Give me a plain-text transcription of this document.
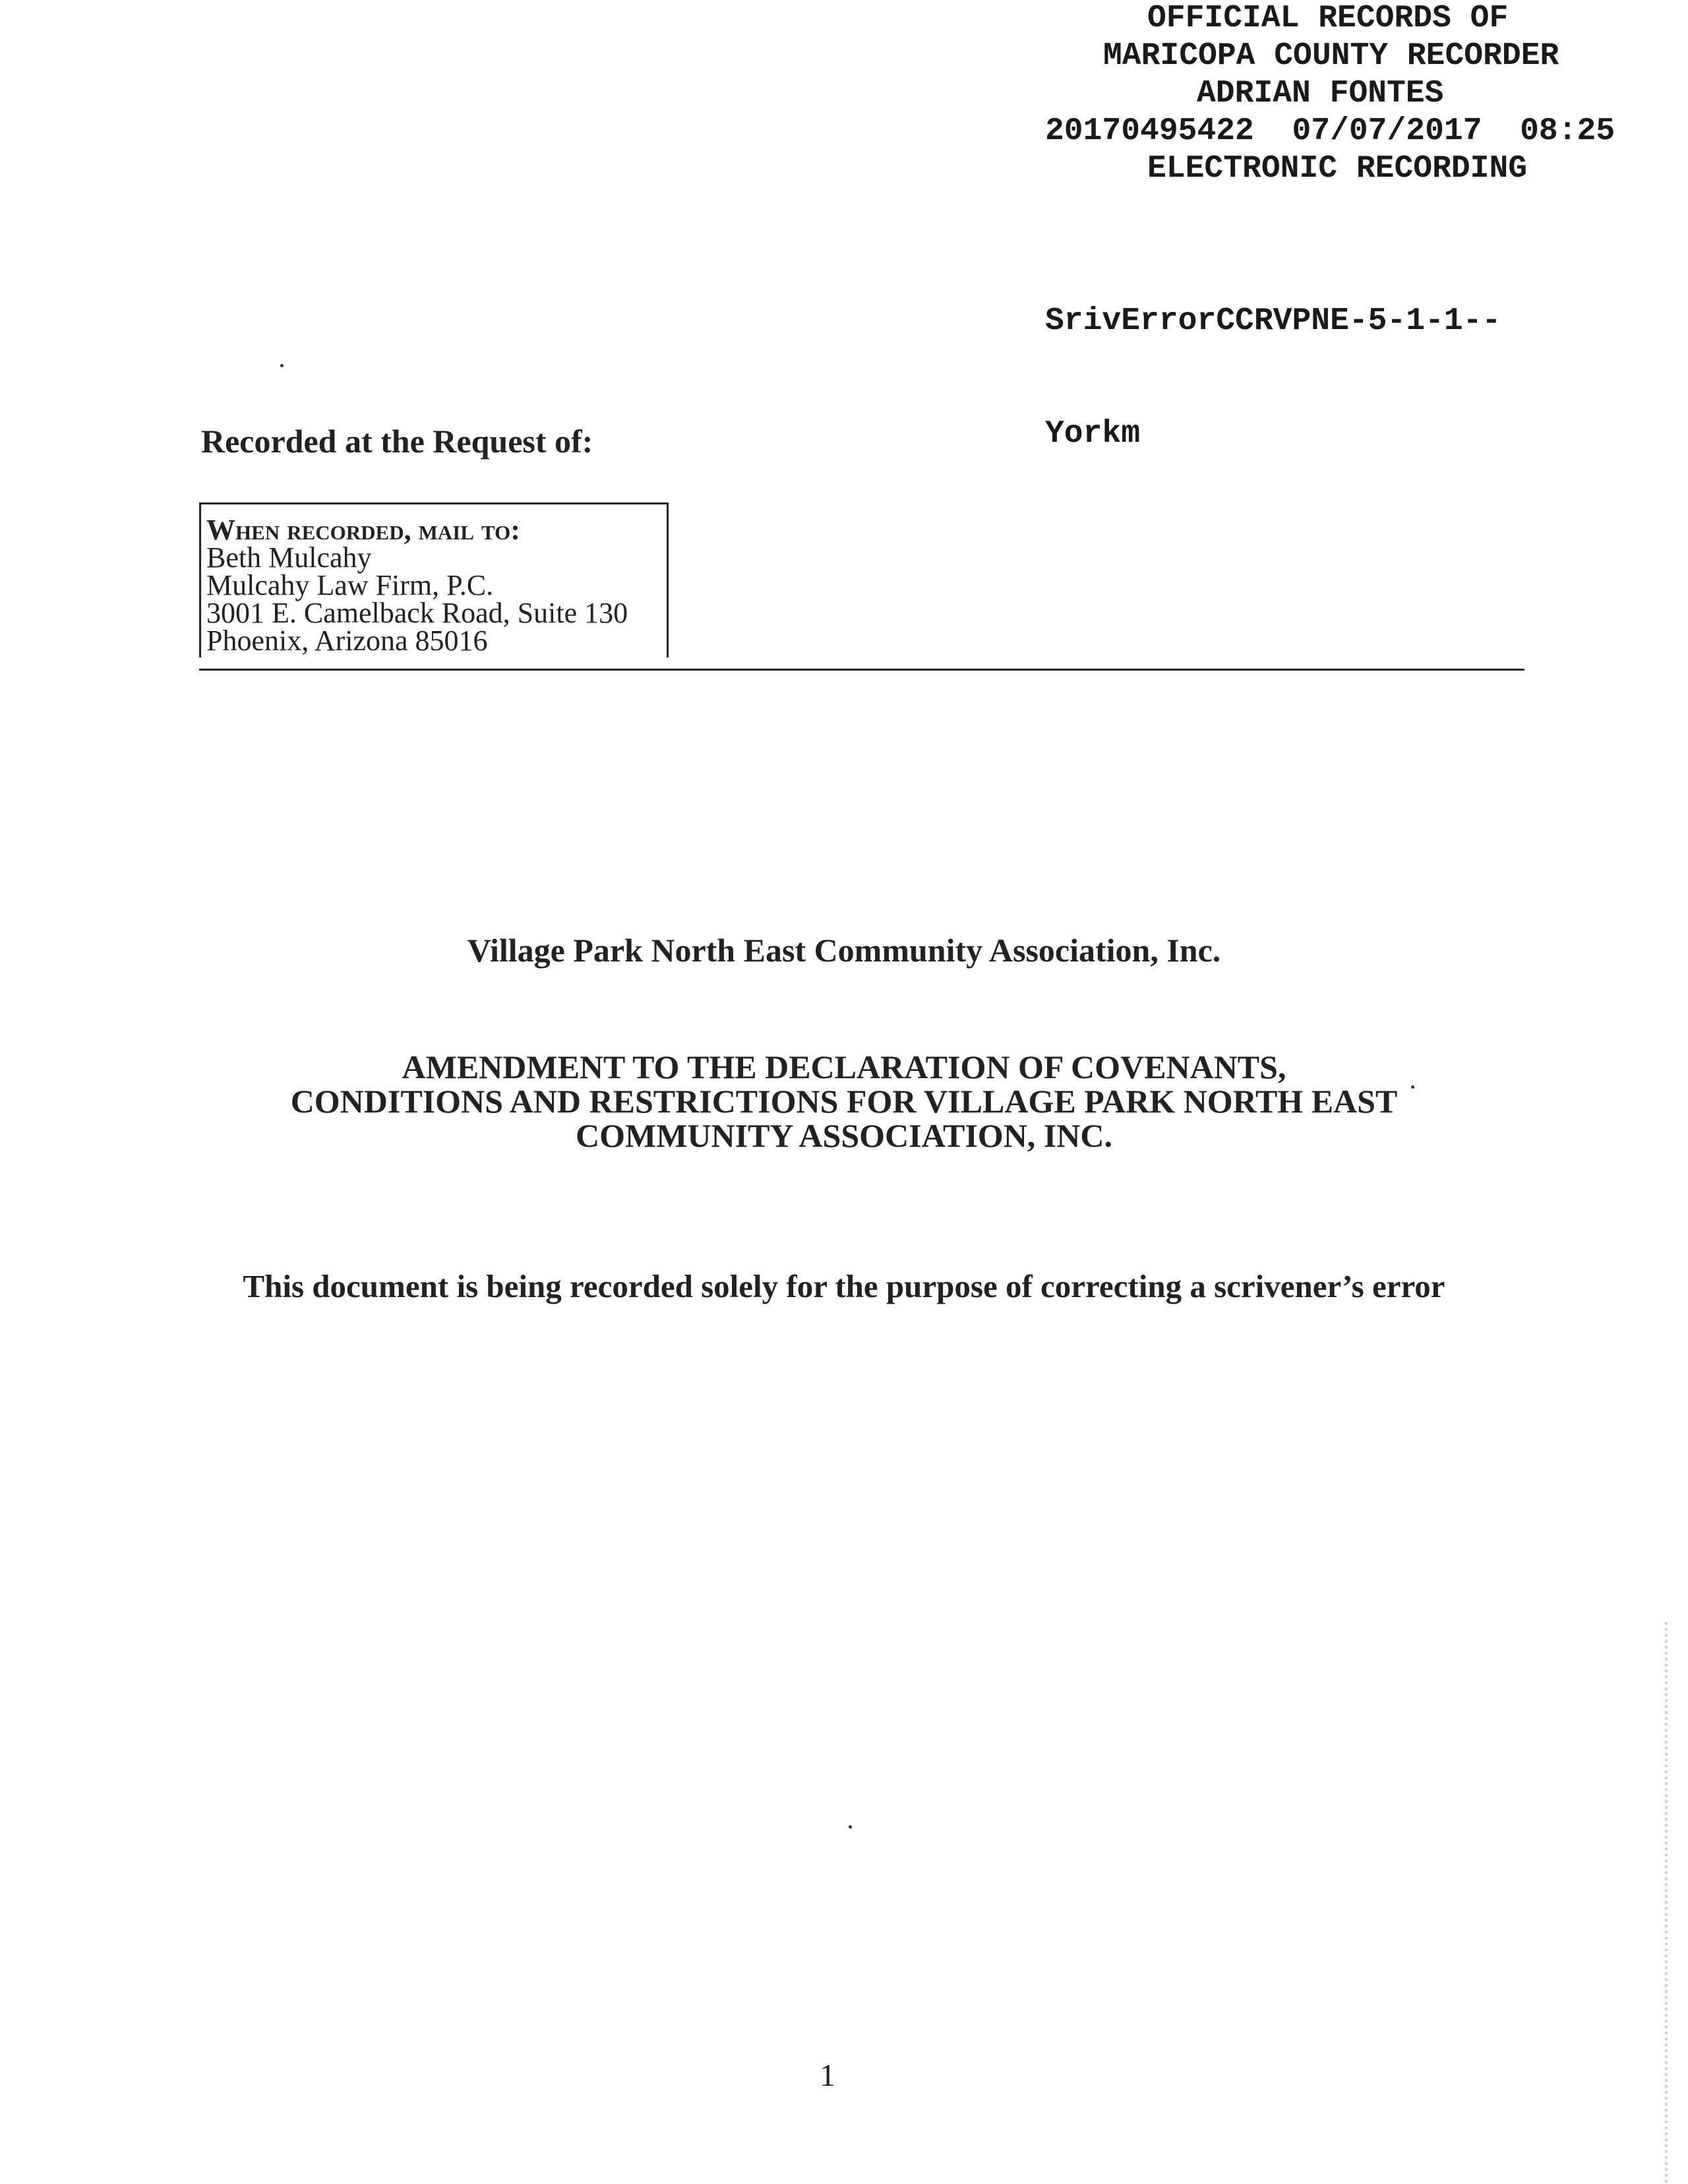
OFFICIAL RECORDS OF
MARICOPA COUNTY RECORDER
ADRIAN FONTES
20170495422  07/07/2017  08:25
ELECTRONIC RECORDING

SrivErrorCCRVPNE-5-1-1--

Yorkm

Recorded at the Request of:
When recorded, mail to:
Beth Mulcahy
Mulcahy Law Firm, P.C.
3001 E. Camelback Road, Suite 130
Phoenix, Arizona 85016
Village Park North East Community Association, Inc.
AMENDMENT TO THE DECLARATION OF COVENANTS,
CONDITIONS AND RESTRICTIONS FOR VILLAGE PARK NORTH EAST
COMMUNITY ASSOCIATION, INC.
This document is being recorded solely for the purpose of correcting a scrivener’s error
1
